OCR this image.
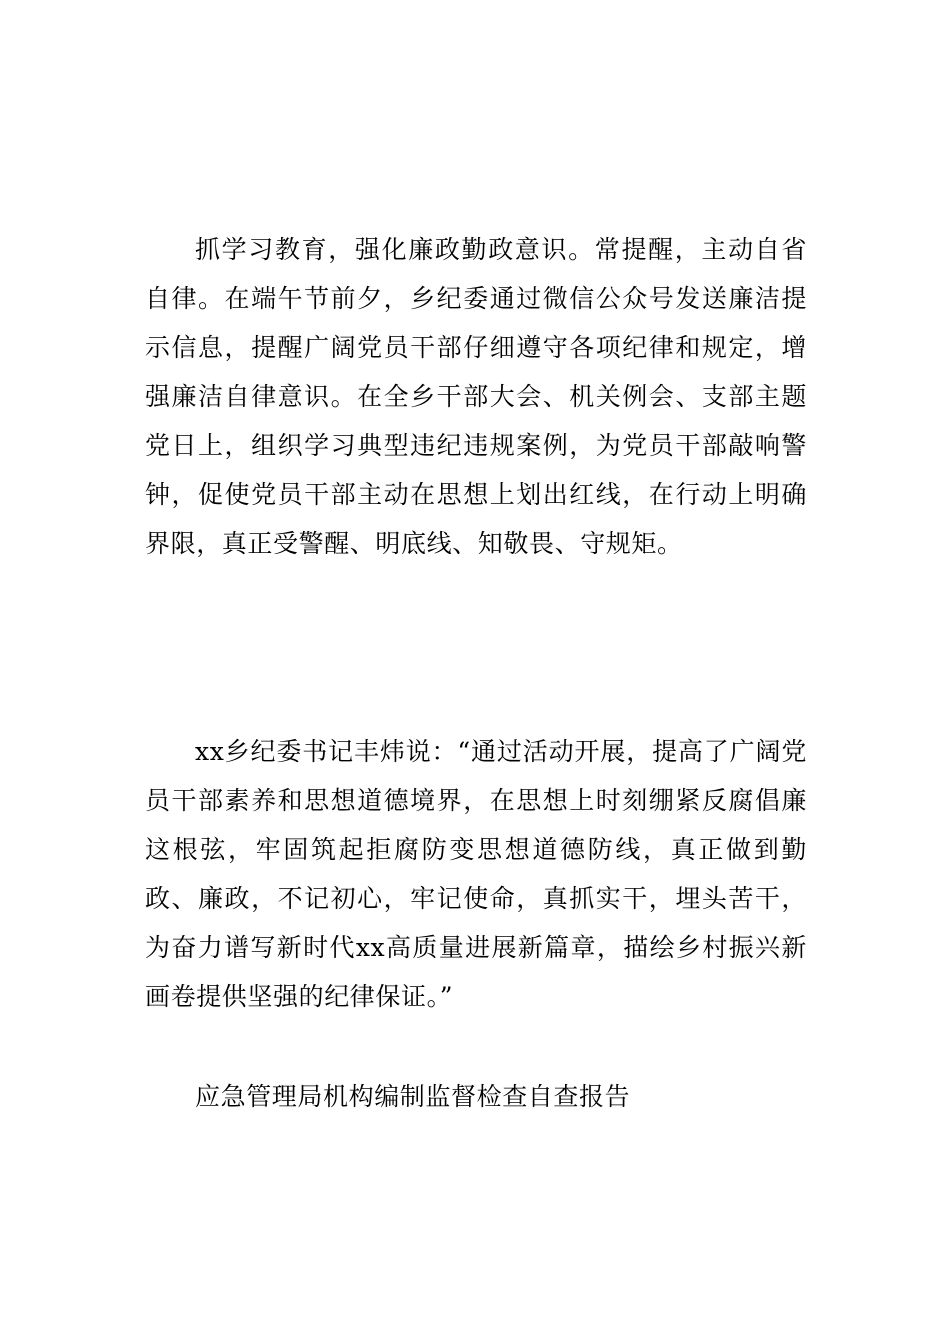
抓学习教育，强化廉政勤政意识。常提醒，主动自省自律。在端午节前夕，乡纪委通过微信公众号发送廉洁提示信息，提醒广阔党员干部仔细遵守各项纪律和规定，增强廉洁自律意识。在全乡干部大会、机关例会、支部主题党日上，组织学习典型违纪违规案例，为党员干部敲响警钟，促使党员干部主动在思想上划出红线，在行动上明确界限，真正受警醒、明底线、知敬畏、守规矩。

xx乡纪委书记丰炜说：“通过活动开展，提高了广阔党员干部素养和思想道德境界，在思想上时刻绷紧反腐倡廉这根弦，牢固筑起拒腐防变思想道德防线，真正做到勤政、廉政，不记初心，牢记使命，真抓实干，埋头苦干，为奋力谱写新时代xx高质量进展新篇章，描绘乡村振兴新画卷提供坚强的纪律保证。”

应急管理局机构编制监督检查自查报告
